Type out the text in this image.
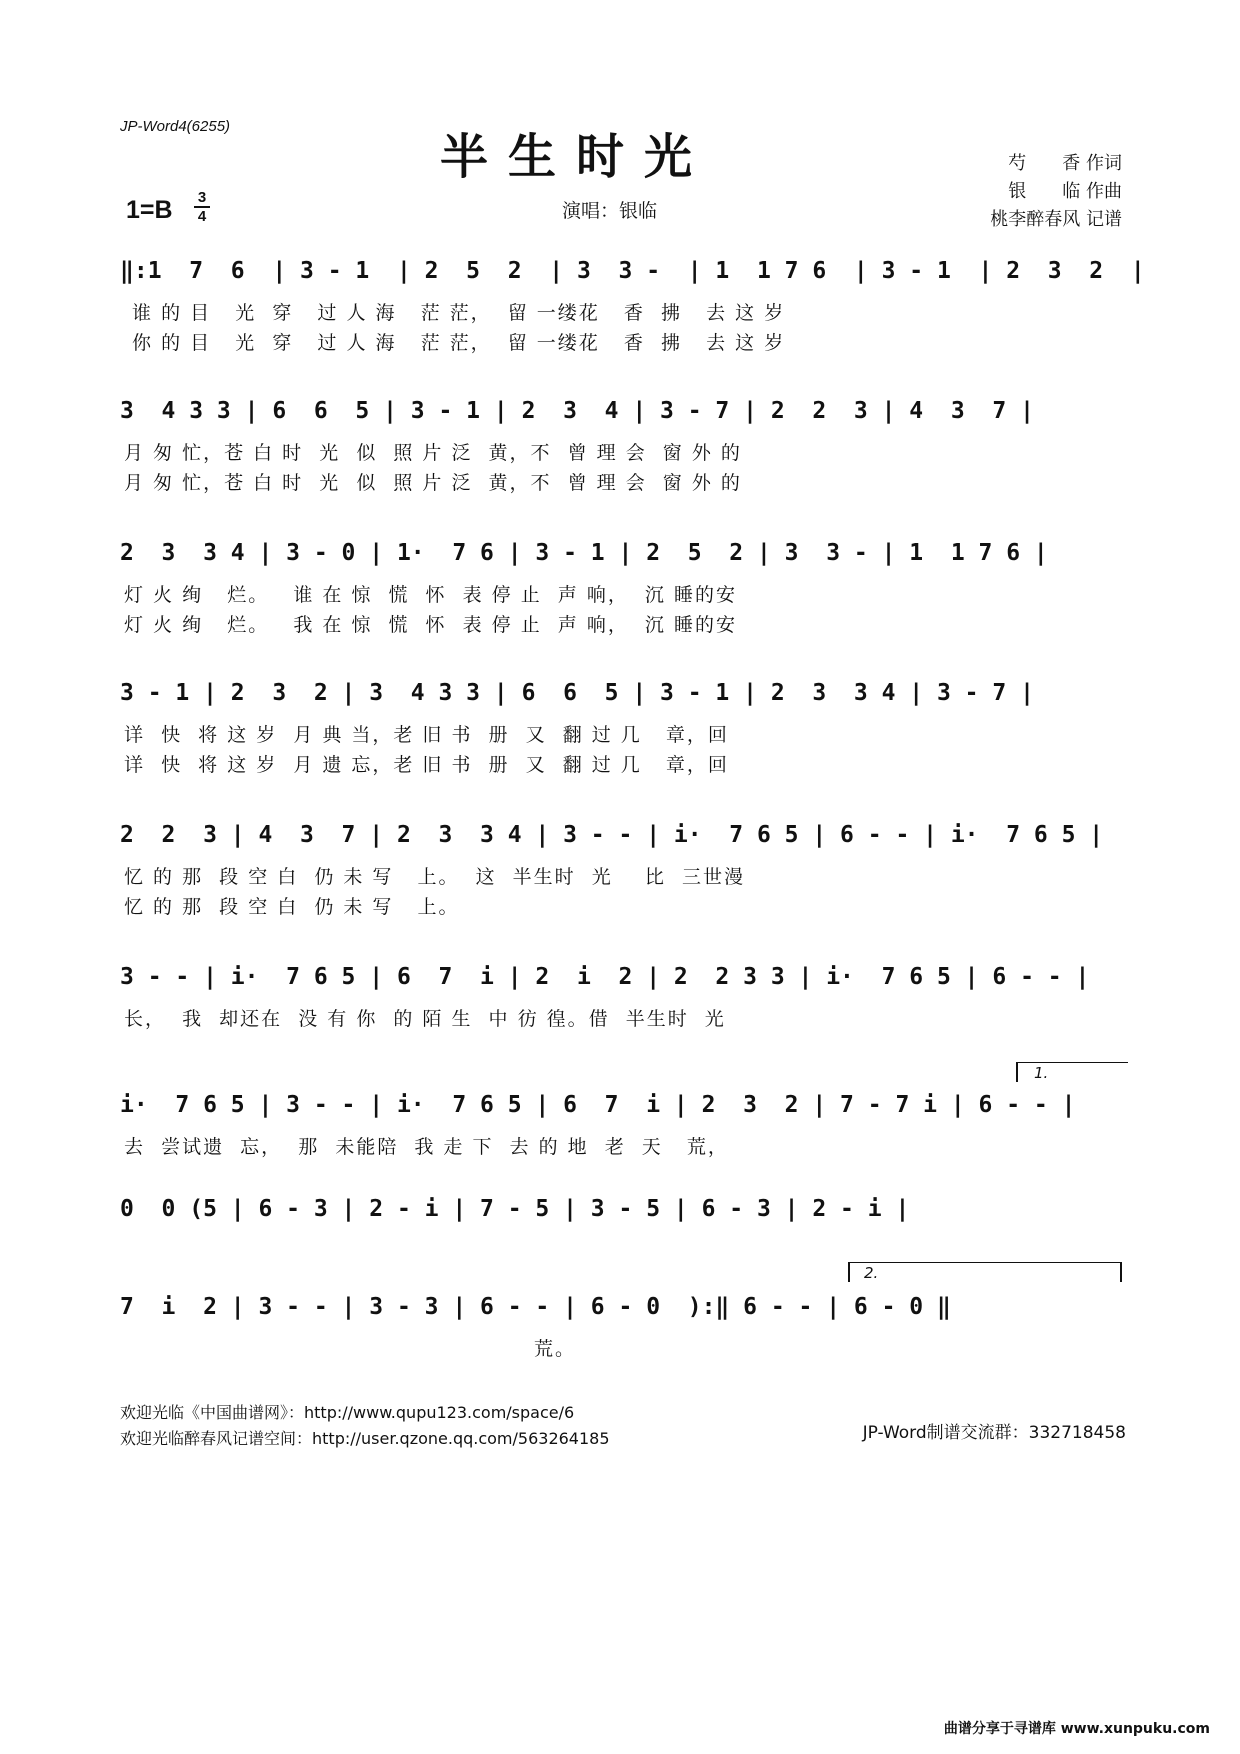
JP-Word4(6255)
半生时光
1=B 3
4	演唱：银临
芍　　香 作词
银　　临 作曲
桃李醉春风 记谱
‖:1  7  6  | 3 - 1  | 2  5  2  | 3  3 -  | 1  1 7 6  | 3 - 1  | 2  3  2  |
谁 的 目   光  穿   过 人 海   茫 茫，  留 一缕花   香  拂   去 这 岁
你 的 目   光  穿   过 人 海   茫 茫，  留 一缕花   香  拂   去 这 岁
3  4 3 3 | 6  6  5 | 3 - 1 | 2  3  4 | 3 - 7 | 2  2  3 | 4  3  7 |
月 匆 忙，苍 白 时  光  似  照 片 泛  黄，不  曾 理 会  窗 外 的
月 匆 忙，苍 白 时  光  似  照 片 泛  黄，不  曾 理 会  窗 外 的
2  3  3 4 | 3 - 0 | 1·  7 6 | 3 - 1 | 2  5  2 | 3  3 - | 1  1 7 6 |
灯 火 绚   烂。   谁 在 惊  慌  怀  表 停 止  声 响，  沉 睡的安
灯 火 绚   烂。   我 在 惊  慌  怀  表 停 止  声 响，  沉 睡的安
3 - 1 | 2  3  2 | 3  4 3 3 | 6  6  5 | 3 - 1 | 2  3  3 4 | 3 - 7 |
详  快  将 这 岁  月 典 当，老 旧 书  册  又  翻 过 几   章，回
详  快  将 这 岁  月 遗 忘，老 旧 书  册  又  翻 过 几   章，回
2  2  3 | 4  3  7 | 2  3  3 4 | 3 - - | i·  7 6 5 | 6 - - | i·  7 6 5 |
忆 的 那  段 空 白  仍 未 写   上。  这  半生时  光    比  三世漫
忆 的 那  段 空 白  仍 未 写   上。
3 - - | i·  7 6 5 | 6  7  i | 2  i  2 | 2  2 3 3 | i·  7 6 5 | 6 - - |
长，  我  却还在  没 有 你  的 陌 生  中 彷 徨。借  半生时  光
1.
i·  7 6 5 | 3 - - | i·  7 6 5 | 6  7  i | 2  3  2 | 7 - 7 i | 6 - - |
去  尝试遗  忘，  那  未能陪  我 走 下  去 的 地  老  天   荒，
0  0 (5 | 6 - 3 | 2 - i | 7 - 5 | 3 - 5 | 6 - 3 | 2 - i |
2.
7  i  2 | 3 - - | 3 - 3 | 6 - - | 6 - 0  ):‖ 6 - - | 6 - 0 ‖
荒。
欢迎光临《中国曲谱网》：http://www.qupu123.com/space/6
欢迎光临醉春风记谱空间：http://user.qzone.qq.com/563264185	JP-Word制谱交流群：332718458
曲谱分享于寻谱库 www.xunpuku.com
